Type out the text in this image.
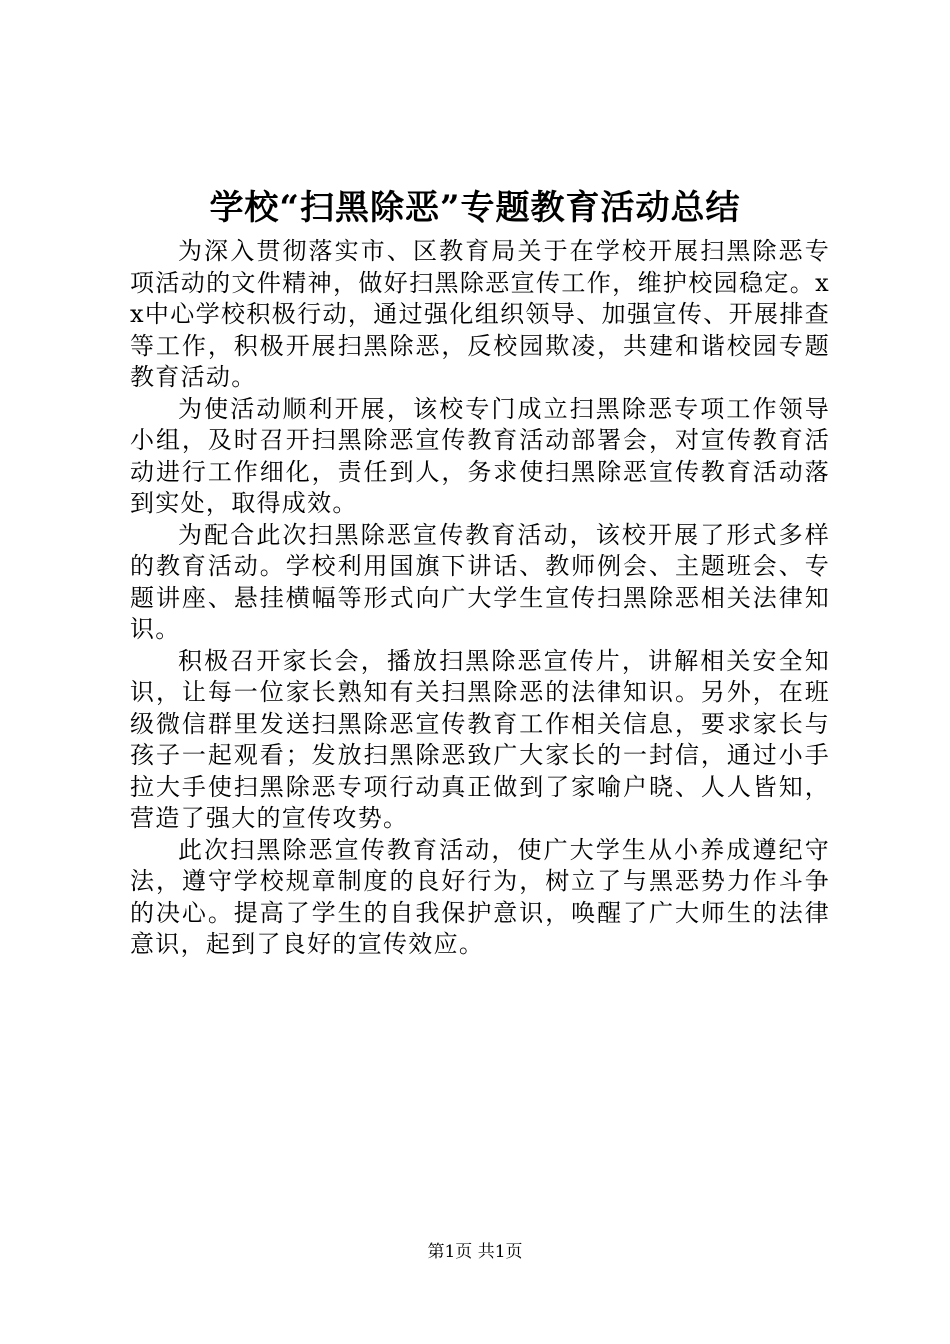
学校“扫黑除恶”专题教育活动总结

为深入贯彻落实市、区教育局关于在学校开展扫黑除恶专项活动的文件精神，做好扫黑除恶宣传工作，维护校园稳定。xx中心学校积极行动，通过强化组织领导、加强宣传、开展排查等工作，积极开展扫黑除恶，反校园欺凌，共建和谐校园专题教育活动。

为使活动顺利开展，该校专门成立扫黑除恶专项工作领导小组，及时召开扫黑除恶宣传教育活动部署会，对宣传教育活动进行工作细化，责任到人，务求使扫黑除恶宣传教育活动落到实处，取得成效。

为配合此次扫黑除恶宣传教育活动，该校开展了形式多样的教育活动。学校利用国旗下讲话、教师例会、主题班会、专题讲座、悬挂横幅等形式向广大学生宣传扫黑除恶相关法律知识。

积极召开家长会，播放扫黑除恶宣传片，讲解相关安全知识，让每一位家长熟知有关扫黑除恶的法律知识。另外，在班级微信群里发送扫黑除恶宣传教育工作相关信息，要求家长与孩子一起观看；发放扫黑除恶致广大家长的一封信，通过小手拉大手使扫黑除恶专项行动真正做到了家喻户晓、人人皆知，营造了强大的宣传攻势。

此次扫黑除恶宣传教育活动，使广大学生从小养成遵纪守法，遵守学校规章制度的良好行为，树立了与黑恶势力作斗争的决心。提高了学生的自我保护意识，唤醒了广大师生的法律意识，起到了良好的宣传效应。

第1页 共1页
